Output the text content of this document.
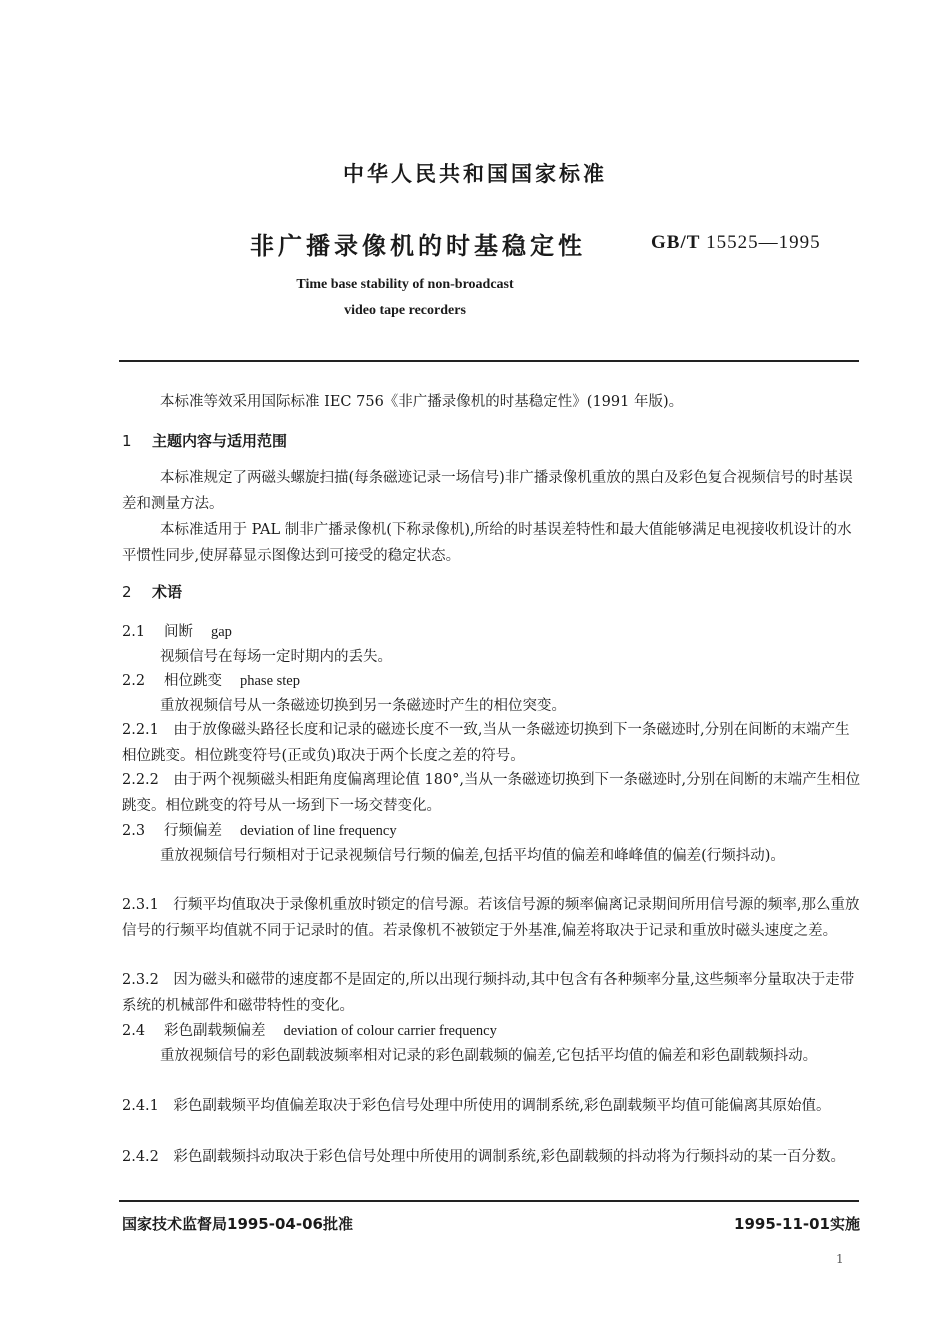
中华人民共和国国家标准
非广播录像机的时基稳定性	GB/T 15525—1995
Time base stability of non-broadcast
video tape recorders
本标准等效采用国际标准 IEC 756《非广播录像机的时基稳定性》(1991 年版)。
1 主题内容与适用范围
本标准规定了两磁头螺旋扫描(每条磁迹记录一场信号)非广播录像机重放的黑白及彩色复合视频信号的时基误差和测量方法。
本标准适用于 PAL 制非广播录像机(下称录像机),所给的时基误差特性和最大值能够满足电视接收机设计的水平惯性同步,使屏幕显示图像达到可接受的稳定状态。
2 术语
2.1 间断 gap
视频信号在每场一定时期内的丢失。
2.2 相位跳变 phase step
重放视频信号从一条磁迹切换到另一条磁迹时产生的相位突变。
2.2.1　由于放像磁头路径长度和记录的磁迹长度不一致,当从一条磁迹切换到下一条磁迹时,分别在间断的末端产生相位跳变。相位跳变符号(正或负)取决于两个长度之差的符号。
2.2.2　由于两个视频磁头相距角度偏离理论值 180°,当从一条磁迹切换到下一条磁迹时,分别在间断的末端产生相位跳变。相位跳变的符号从一场到下一场交替变化。
2.3 行频偏差 deviation of line frequency
重放视频信号行频相对于记录视频信号行频的偏差,包括平均值的偏差和峰峰值的偏差(行频抖动)。
2.3.1　行频平均值取决于录像机重放时锁定的信号源。若该信号源的频率偏离记录期间所用信号源的频率,那么重放信号的行频平均值就不同于记录时的值。若录像机不被锁定于外基准,偏差将取决于记录和重放时磁头速度之差。
2.3.2　因为磁头和磁带的速度都不是固定的,所以出现行频抖动,其中包含有各种频率分量,这些频率分量取决于走带系统的机械部件和磁带特性的变化。
2.4 彩色副载频偏差 deviation of colour carrier frequency
重放视频信号的彩色副载波频率相对记录的彩色副载频的偏差,它包括平均值的偏差和彩色副载频抖动。
2.4.1　彩色副载频平均值偏差取决于彩色信号处理中所使用的调制系统,彩色副载频平均值可能偏离其原始值。
2.4.2　彩色副载频抖动取决于彩色信号处理中所使用的调制系统,彩色副载频的抖动将为行频抖动的某一百分数。
国家技术监督局1995-04-06批准	1995-11-01实施
1
